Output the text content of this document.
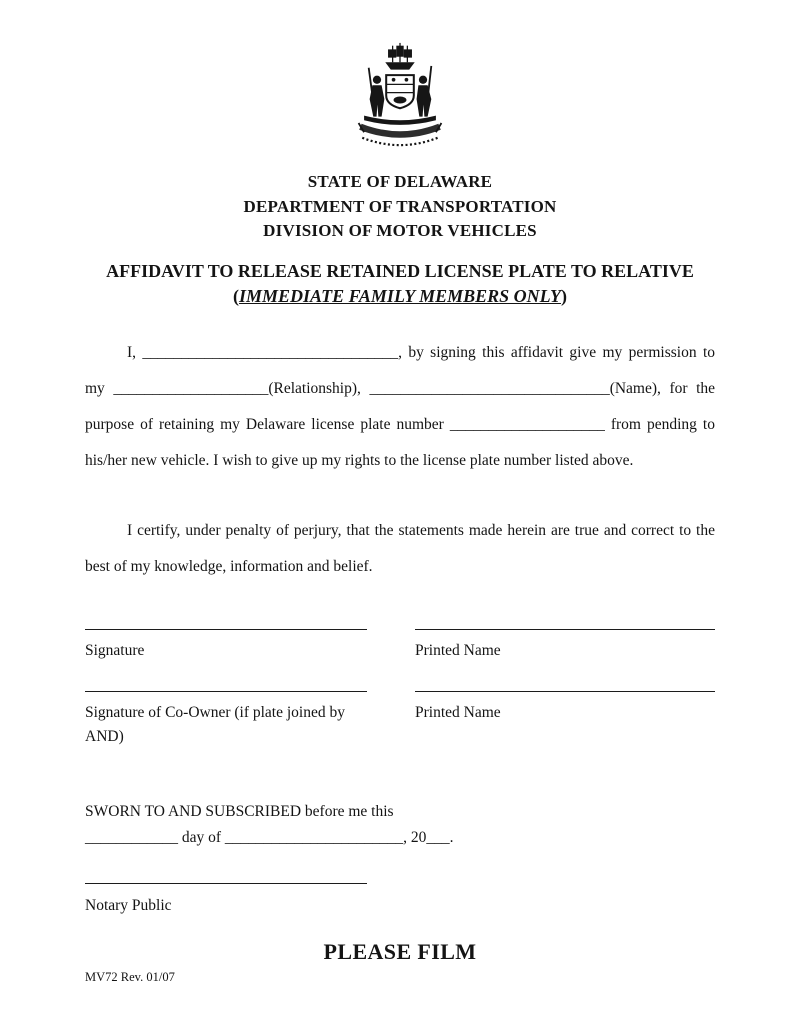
STATE OF DELAWARE
DEPARTMENT OF TRANSPORTATION
DIVISION OF MOTOR VEHICLES
AFFIDAVIT TO RELEASE RETAINED LICENSE PLATE TO RELATIVE
(IMMEDIATE FAMILY MEMBERS ONLY)

I, _________________________________, by signing this affidavit give my permission to my ____________________(Relationship), _______________________________(Name), for the purpose of retaining my Delaware license plate number ____________________ from pending to his/her new vehicle. I wish to give up my rights to the license plate number listed above.

I certify, under penalty of perjury, that the statements made herein are true and correct to the best of my knowledge, information and belief.

Signature	Printed Name
Signature of Co-Owner (if plate joined by AND)
Printed Name
SWORN TO AND SUBSCRIBED before me this
____________ day of _______________________, 20___.
Notary Public
PLEASE FILM
MV72 Rev. 01/07
